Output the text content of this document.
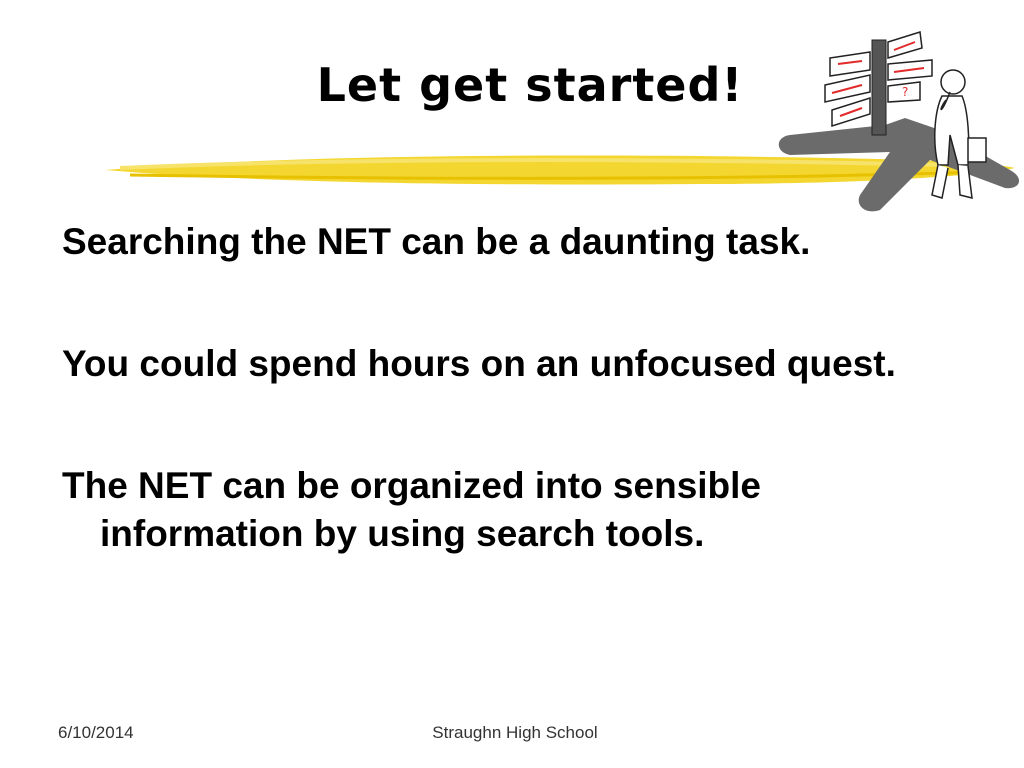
?
Let get started!
Searching the NET can be a daunting task.
You could spend hours on an unfocused quest.
The NET can be organized into sensible information by using search tools.
6/10/2014	Straughn High School
